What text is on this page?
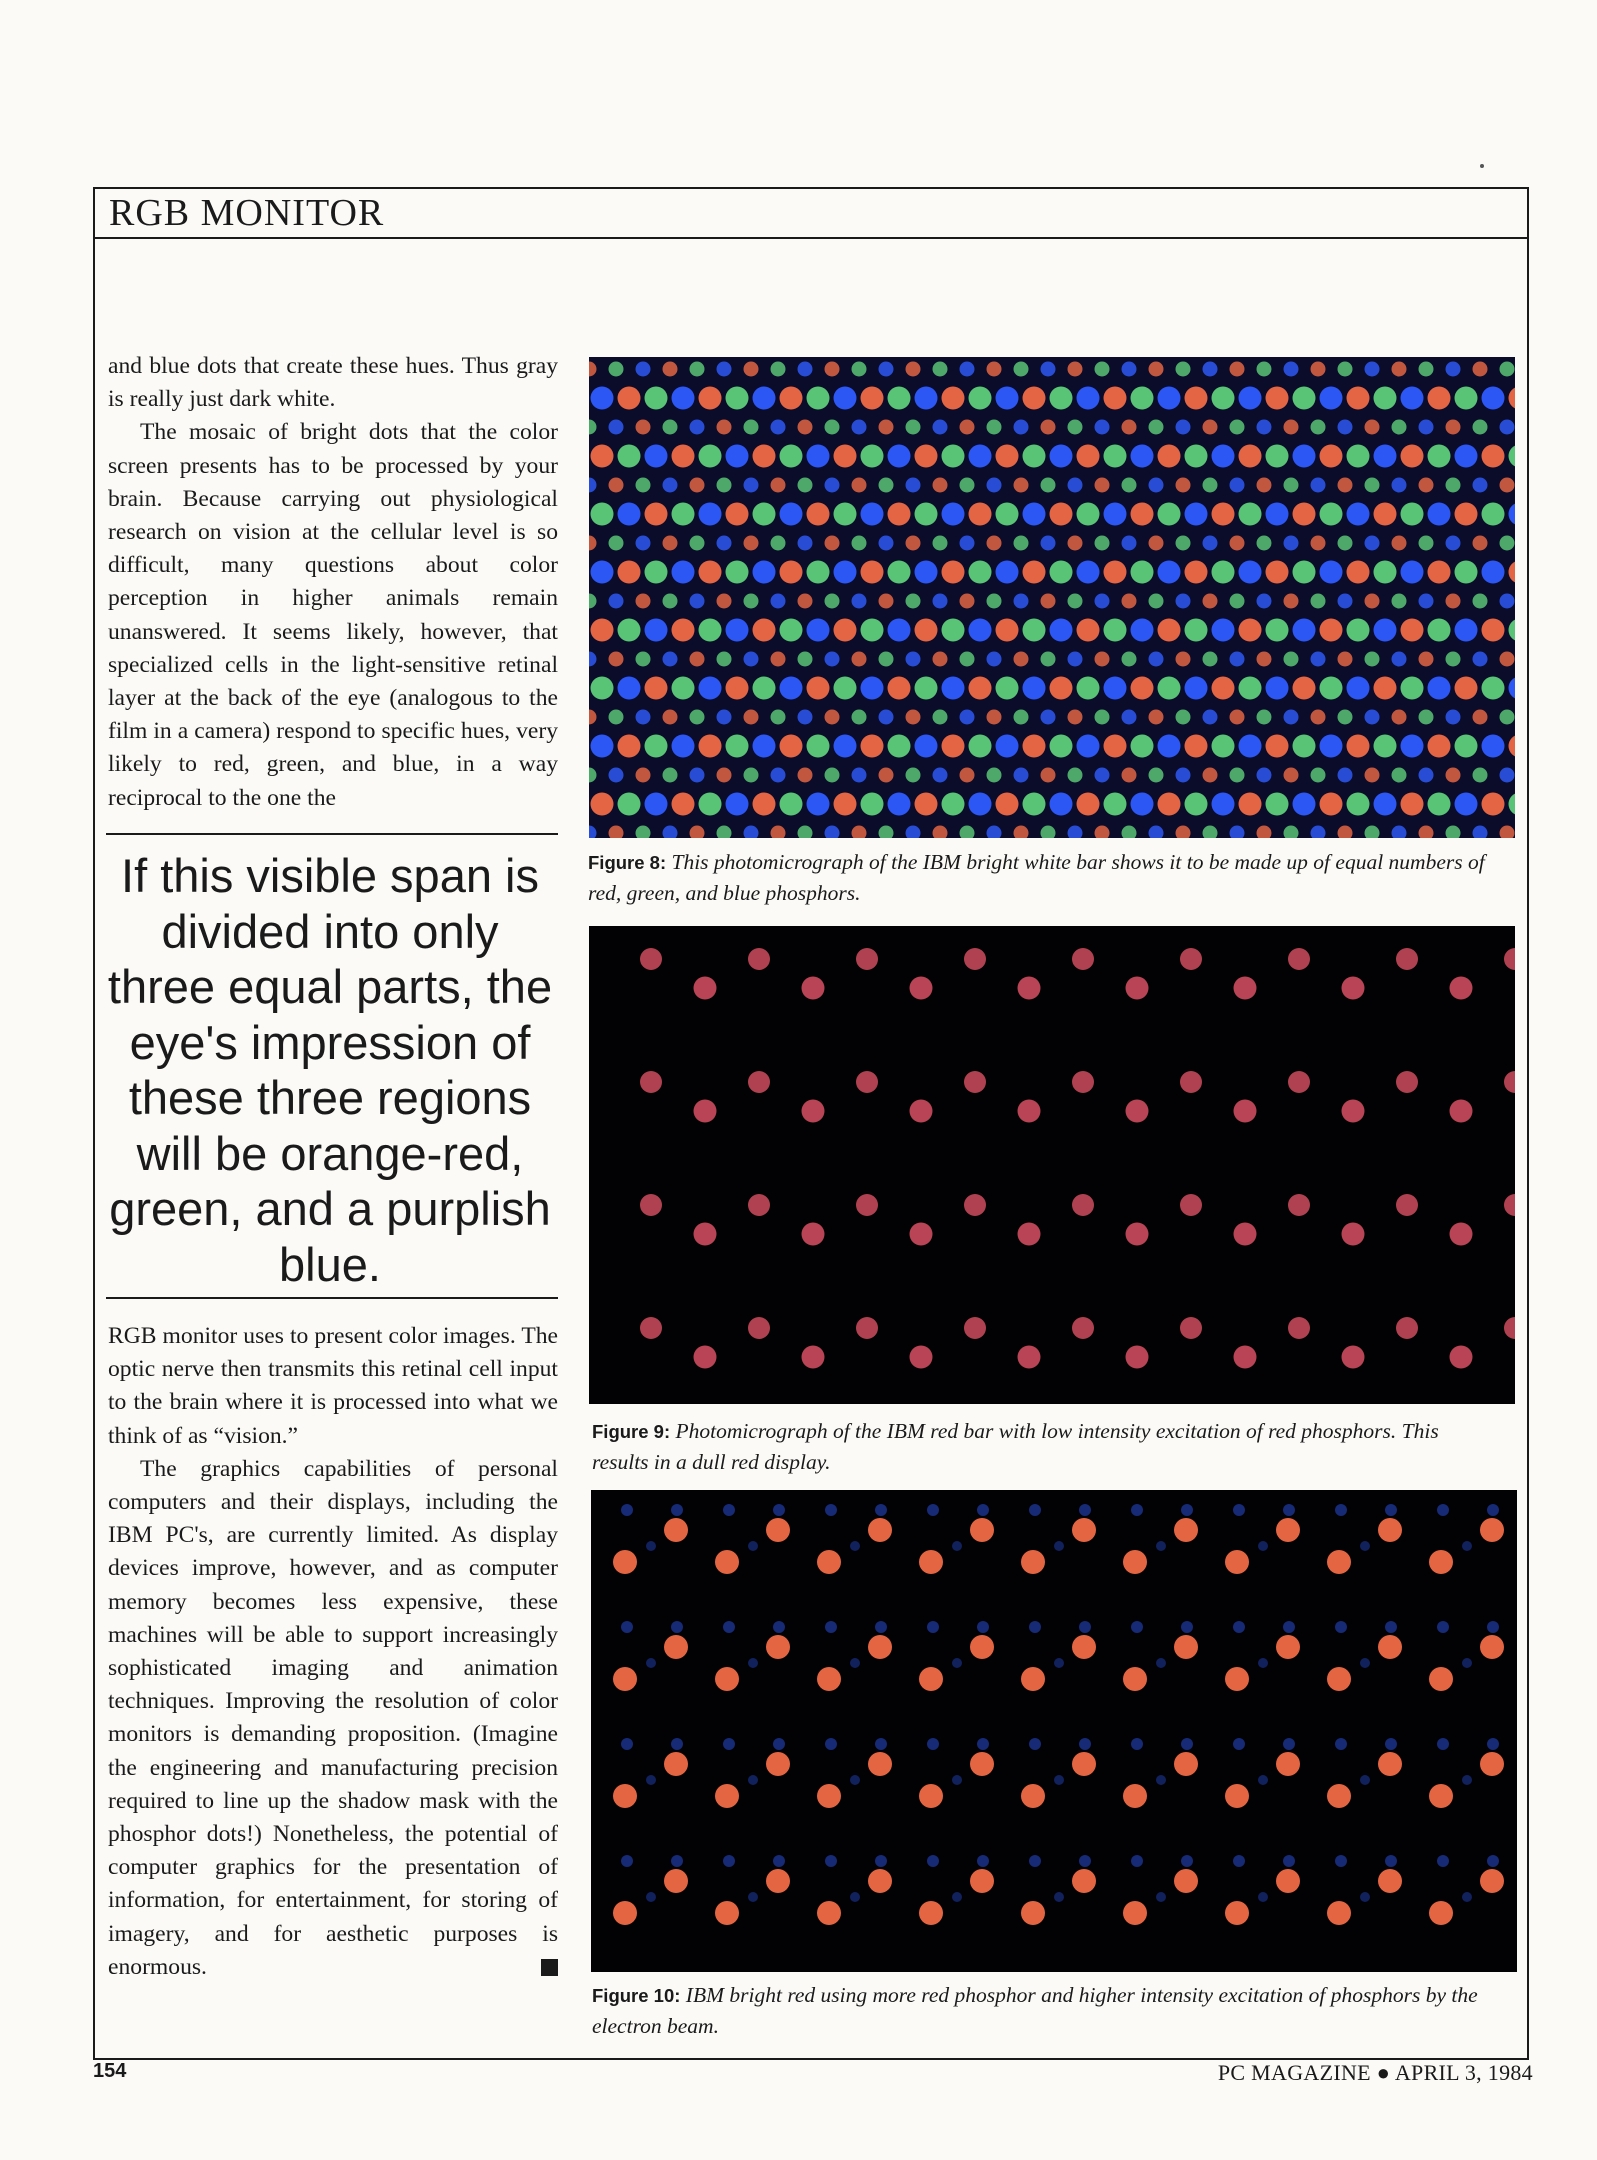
RGB MONITOR

and blue dots that create these hues. Thus gray is really just dark white.

The mosaic of bright dots that the color screen presents has to be processed by your brain. Because carrying out physiological research on vision at the cellular level is so difficult, many questions about color perception in higher animals remain unanswered. It seems likely, however, that specialized cells in the light-sensitive retinal layer at the back of the eye (analogous to the film in a camera) respond to specific hues, very likely to red, green, and blue, in a way reciprocal to the one the

If this visible span is divided into only three equal parts, the eye's impression of these three regions will be orange-red, green, and a purplish blue.

RGB monitor uses to present color images. The optic nerve then transmits this retinal cell input to the brain where it is processed into what we think of as “vision.”

The graphics capabilities of personal computers and their displays, including the IBM PC's, are currently limited. As display devices improve, however, and as computer memory becomes less expensive, these machines will be able to support increasingly sophisticated imaging and animation techniques. Improving the resolution of color monitors is demanding proposition. (Imagine the engineering and manufacturing precision required to line up the shadow mask with the phosphor dots!) Nonetheless, the potential of computer graphics for the presentation of information, for entertainment, for storing of imagery, and for aesthetic purposes is enormous.

Figure 8: This photomicrograph of the IBM bright white bar shows it to be made up of equal numbers of red, green, and blue phosphors.
Figure 9: Photomicrograph of the IBM red bar with low intensity excitation of red phosphors. This results in a dull red display.
Figure 10: IBM bright red using more red phosphor and higher intensity excitation of phosphors by the electron beam.
154	PC MAGAZINE ● APRIL 3, 1984
